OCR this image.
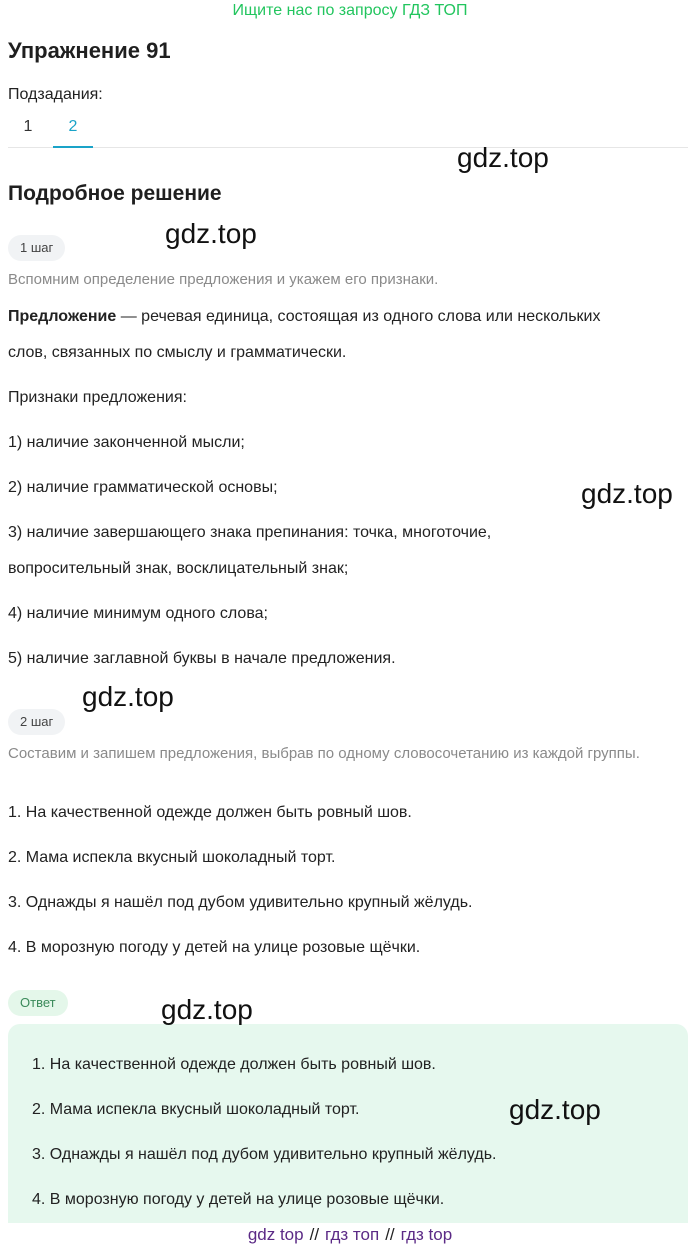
Ищите нас по запросу ГДЗ ТОП
Упражнение 91
Подзадания:
1	2
Подробное решение
1 шаг
Вспомним определение предложения и укажем его признаки.
Предложение — речевая единица, состоящая из одного слова или нескольких
слов, связанных по смыслу и грамматически.
Признаки предложения:
1) наличие законченной мысли;
2) наличие грамматической основы;
3) наличие завершающего знака препинания: точка, многоточие,
вопросительный знак, восклицательный знак;
4) наличие минимум одного слова;
5) наличие заглавной буквы в начале предложения.
2 шаг
Составим и запишем предложения, выбрав по одному словосочетанию из каждой группы.
1. На качественной одежде должен быть ровный шов.
2. Мама испекла вкусный шоколадный торт.
3. Однажды я нашёл под дубом удивительно крупный жёлудь.
4. В морозную погоду у детей на улице розовые щёчки.
Ответ
1. На качественной одежде должен быть ровный шов.
2. Мама испекла вкусный шоколадный торт.
3. Однажды я нашёл под дубом удивительно крупный жёлудь.
4. В морозную погоду у детей на улице розовые щёчки.
gdz.top
gdz.top
gdz.top
gdz.top
gdz.top
gdz.top
gdz top // гдз топ // гдз top
